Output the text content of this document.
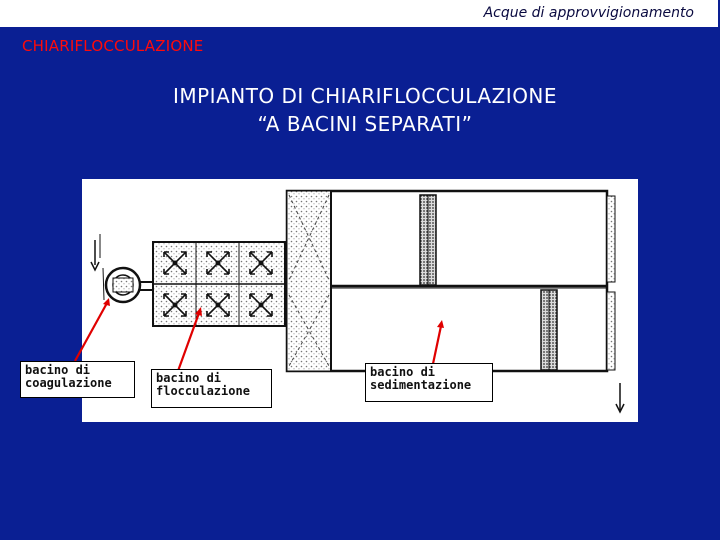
Acque di approvvigionamento
CHIARIFLOCCULAZIONE
IMPIANTO DI CHIARIFLOCCULAZIONE
“A BACINI SEPARATI”
bacino di
coagulazione	bacino di
flocculazione
bacino di
sedimentazione
